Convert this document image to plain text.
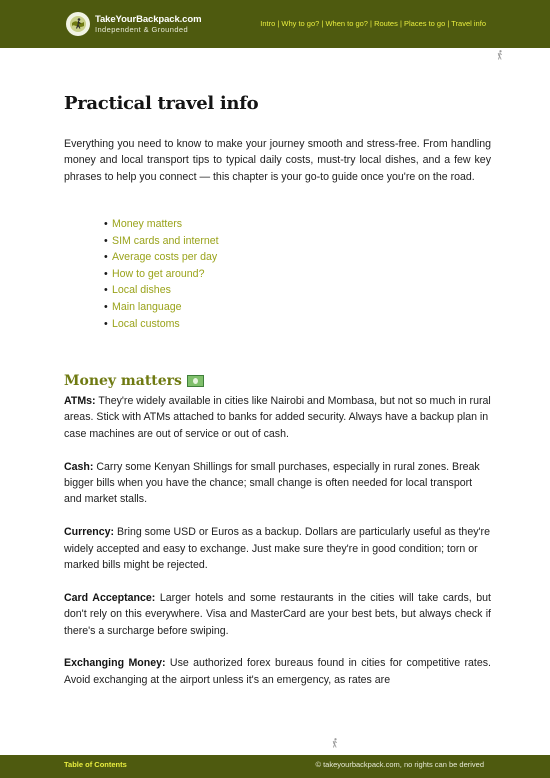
TakeYourBackpack.com
Independent & Grounded
Intro | Why to go? | When to go? | Routes | Places to go | Travel info
Practical travel info

Everything you need to know to make your journey smooth and stress-free. From handling money and local transport tips to typical daily costs, must-try local dishes, and a few key phrases to help you connect — this chapter is your go-to guide once you're on the road.

• Money matters
• SIM cards and internet
• Average costs per day
• How to get around?
• Local dishes
• Main language
• Local customs
Money matters

ATMs: They're widely available in cities like Nairobi and Mombasa, but not so much in rural areas. Stick with ATMs attached to banks for added security. Always have a backup plan in case machines are out of service or out of cash.

Cash: Carry some Kenyan Shillings for small purchases, especially in rural zones. Break bigger bills when you have the chance; small change is often needed for local transport and market stalls.

Currency: Bring some USD or Euros as a backup. Dollars are particularly useful as they're widely accepted and easy to exchange. Just make sure they're in good condition; torn or marked bills might be rejected.

Card Acceptance: Larger hotels and some restaurants in the cities will take cards, but don't rely on this everywhere. Visa and MasterCard are your best bets, but always check if there's a surcharge before swiping.

Exchanging Money: Use authorized forex bureaus found in cities for competitive rates. Avoid exchanging at the airport unless it's an emergency, as rates are

Table of Contents	© takeyourbackpack.com, no rights can be derived
